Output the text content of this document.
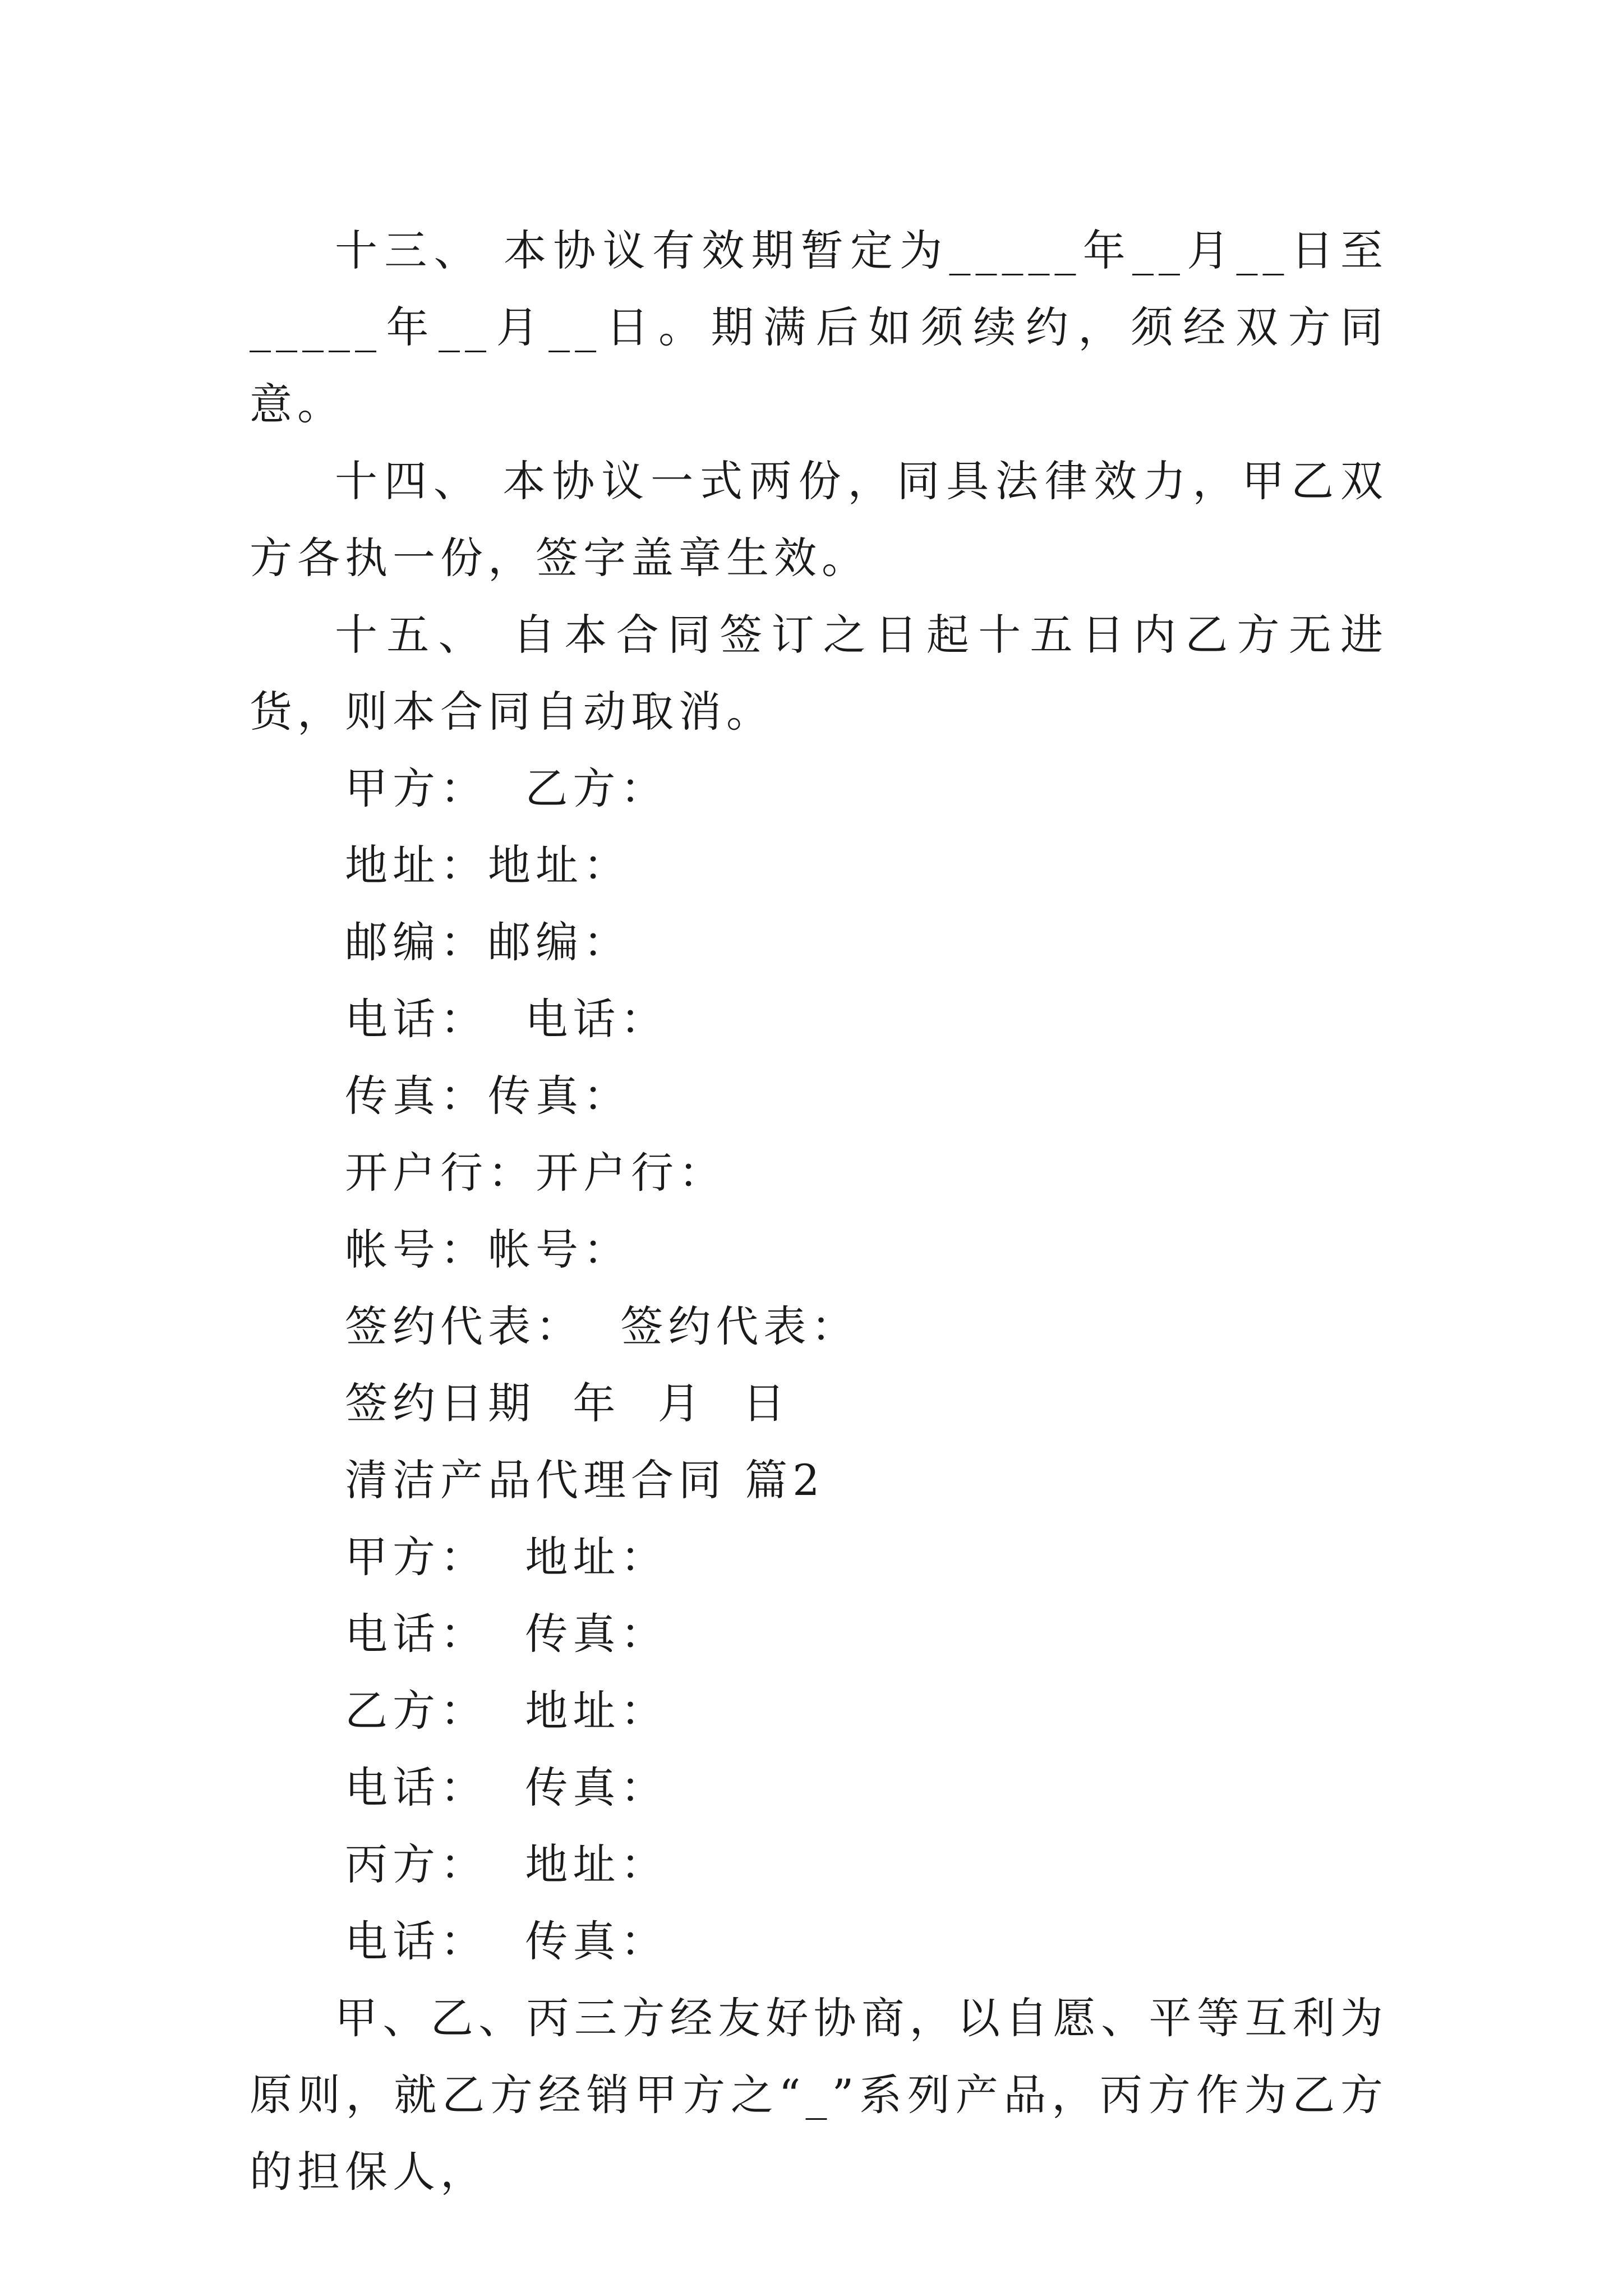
十三、 本协议有效期暂定为_____年__月__日至_____年__月__日。期满后如须续约，须经双方同意。

十四、 本协议一式两份，同具法律效力，甲乙双方各执一份，签字盖章生效。

十五、 自本合同签订之日起十五日内乙方无进货，则本合同自动取消。

甲方：  乙方：

地址：地址：

邮编：邮编：

电话：  电话：

传真：传真：

开户行：开户行：

帐号：帐号：

签约代表：  签约代表：

签约日期  年  月  日

清洁产品代理合同 篇2

甲方：  地址：

电话：  传真：

乙方：  地址：

电话：  传真：

丙方：  地址：

电话：  传真：

甲、乙、丙三方经友好协商，以自愿、平等互利为原则，就乙方经销甲方之“_”系列产品，丙方作为乙方的担保人，
